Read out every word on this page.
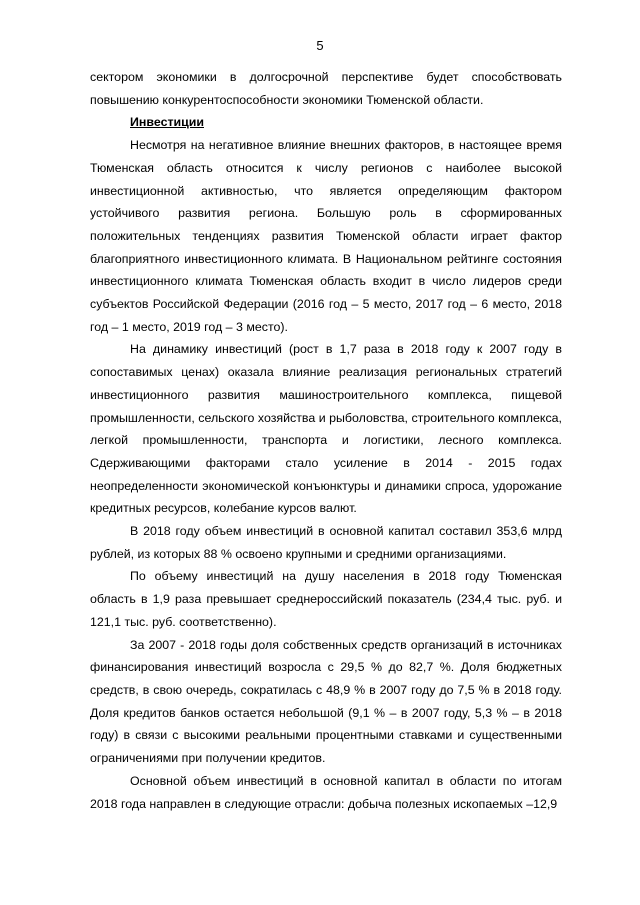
5

сектором экономики в долгосрочной перспективе будет способствовать повышению конкурентоспособности экономики Тюменской области.

Инвестиции

Несмотря на негативное влияние внешних факторов, в настоящее время Тюменская область относится к числу регионов с наиболее высокой инвестиционной активностью, что является определяющим фактором устойчивого развития региона. Большую роль в сформированных положительных тенденциях развития Тюменской области играет фактор благоприятного инвестиционного климата. В Национальном рейтинге состояния инвестиционного климата Тюменская область входит в число лидеров среди субъектов Российской Федерации (2016 год – 5 место, 2017 год – 6 место, 2018 год – 1 место, 2019 год – 3 место).

На динамику инвестиций (рост в 1,7 раза в 2018 году к 2007 году в сопоставимых ценах) оказала влияние реализация региональных стратегий инвестиционного развития машиностроительного комплекса, пищевой промышленности, сельского хозяйства и рыболовства, строительного комплекса, легкой промышленности, транспорта и логистики, лесного комплекса. Сдерживающими факторами стало усиление в 2014 - 2015 годах неопределенности экономической конъюнктуры и динамики спроса, удорожание кредитных ресурсов, колебание курсов валют.

В 2018 году объем инвестиций в основной капитал составил 353,6 млрд рублей, из которых 88 % освоено крупными и средними организациями.

По объему инвестиций на душу населения в 2018 году Тюменская область в 1,9 раза превышает среднероссийский показатель (234,4 тыс. руб. и 121,1 тыс. руб. соответственно).

За 2007 - 2018 годы доля собственных средств организаций в источниках финансирования инвестиций возросла с 29,5 % до 82,7 %. Доля бюджетных средств, в свою очередь, сократилась с 48,9 % в 2007 году до 7,5 % в 2018 году. Доля кредитов банков остается небольшой (9,1 % – в 2007 году, 5,3 % – в 2018 году) в связи с высокими реальными процентными ставками и существенными ограничениями при получении кредитов.

Основной объем инвестиций в основной капитал в области по итогам 2018 года направлен в следующие отрасли: добыча полезных ископаемых –12,9
